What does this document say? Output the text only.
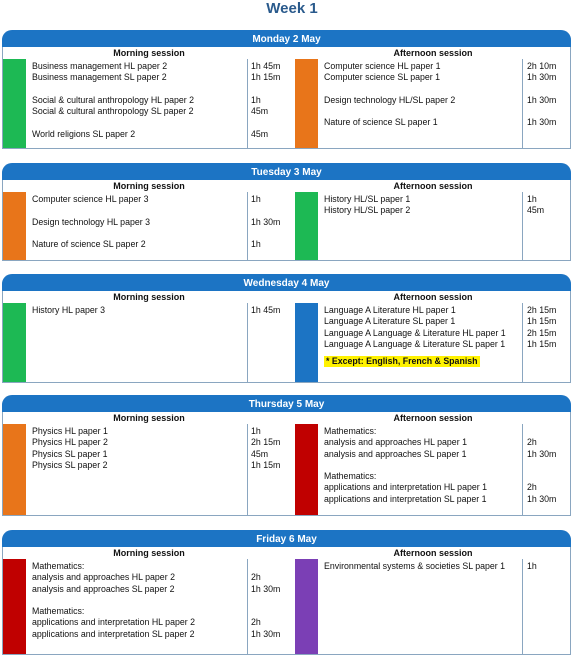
Week 1
Monday 2 May
Morning session	Afternoon session
Business management HL paper 2	1h 45m
Business management SL paper 2	1h 15m
Social & cultural anthropology HL paper 2	1h
Social & cultural anthropology SL paper 2	45m
World religions SL paper 2	45m
Computer science HL paper 1	2h 10m
Computer science SL paper 1	1h 30m
Design technology HL/SL paper 2	1h 30m
Nature of science SL paper 1	1h 30m
Tuesday 3 May
Morning session	Afternoon session
Computer science HL paper 3	1h
Design technology HL paper 3	1h 30m
Nature of science SL paper 2	1h
History HL/SL paper 1	1h
History HL/SL paper 2	45m
Wednesday 4 May
Morning session	Afternoon session
History HL paper 3	1h 45m	Language A Literature HL paper 1	2h 15m
Language A Literature SL paper 1	1h 15m
Language A Language & Literature HL paper 1 2h 15m
Language A Language & Literature SL paper 1 1h 15m
* Except: English, French & Spanish
Thursday 5 May
Morning session	Afternoon session
Physics HL paper 1	1h
Physics HL paper 2	2h 15m
Physics SL paper 1	45m
Physics SL paper 2	1h 15m
Mathematics:
analysis and approaches HL paper 1	2h
analysis and approaches SL paper 1	1h 30m
Mathematics:
applications and interpretation HL paper 1	2h
applications and interpretation SL paper 1	1h 30m
Friday 6 May
Morning session	Afternoon session
Mathematics:
analysis and approaches HL paper 2	2h
analysis and approaches SL paper 2	1h 30m
Mathematics:
applications and interpretation HL paper 2	2h
applications and interpretation SL paper 2	1h 30m
Environmental systems & societies SL paper 1 1h
